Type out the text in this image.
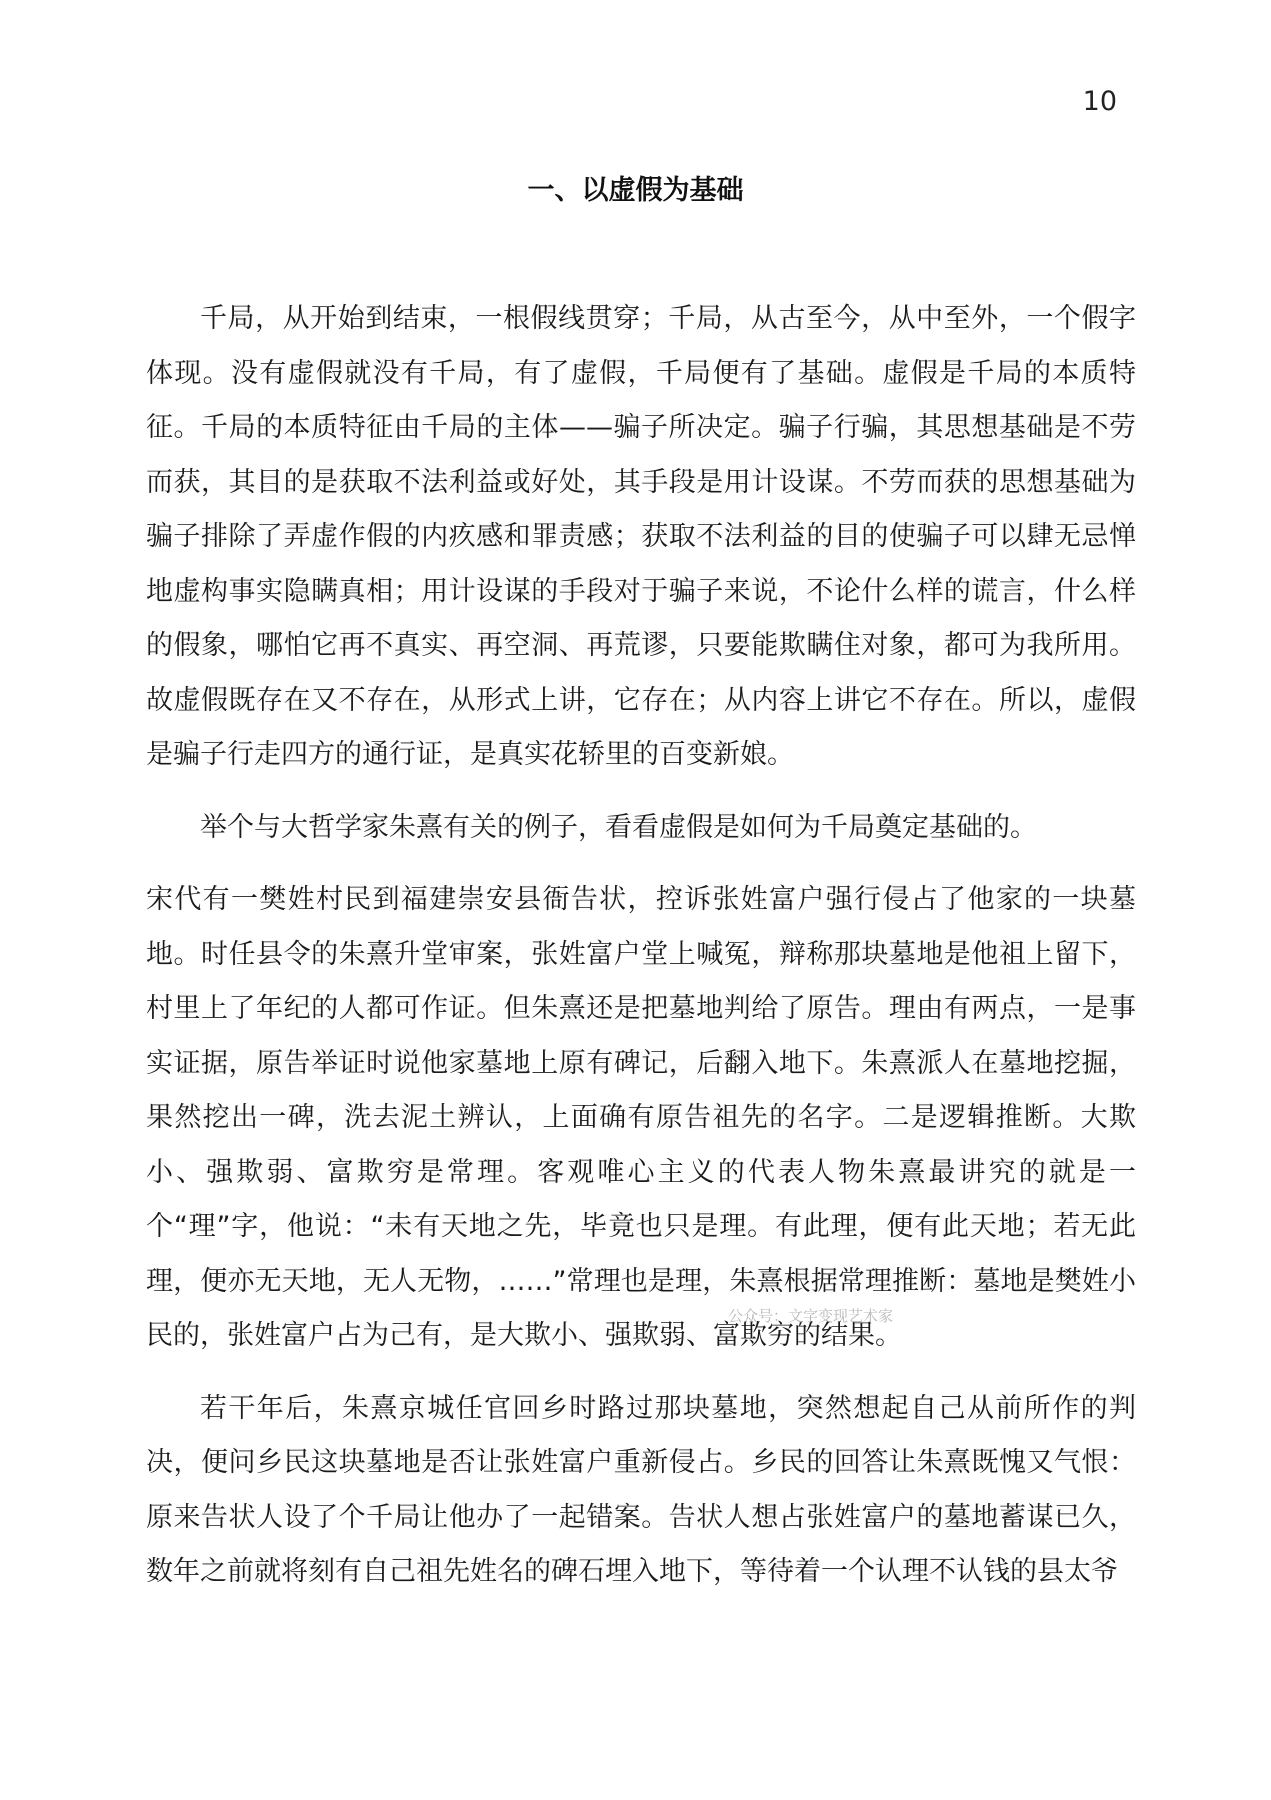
10
一、以虚假为基础

千局，从开始到结束，一根假线贯穿；千局，从古至今，从中至外，一个假字体现。没有虚假就没有千局，有了虚假，千局便有了基础。虚假是千局的本质特征。千局的本质特征由千局的主体——骗子所决定。骗子行骗，其思想基础是不劳而获，其目的是获取不法利益或好处，其手段是用计设谋。不劳而获的思想基础为骗子排除了弄虚作假的内疚感和罪责感；获取不法利益的目的使骗子可以肆无忌惮地虚构事实隐瞒真相；用计设谋的手段对于骗子来说，不论什么样的谎言，什么样的假象，哪怕它再不真实、再空洞、再荒谬，只要能欺瞒住对象，都可为我所用。故虚假既存在又不存在，从形式上讲，它存在；从内容上讲它不存在。所以，虚假是骗子行走四方的通行证，是真实花轿里的百变新娘。

举个与大哲学家朱熹有关的例子，看看虚假是如何为千局奠定基础的。

宋代有一樊姓村民到福建崇安县衙告状，控诉张姓富户强行侵占了他家的一块墓地。时任县令的朱熹升堂审案，张姓富户堂上喊冤，辩称那块墓地是他祖上留下，村里上了年纪的人都可作证。但朱熹还是把墓地判给了原告。理由有两点，一是事实证据，原告举证时说他家墓地上原有碑记，后翻入地下。朱熹派人在墓地挖掘，果然挖出一碑，洗去泥土辨认，上面确有原告祖先的名字。二是逻辑推断。大欺小、强欺弱、富欺穷是常理。客观唯心主义的代表人物朱熹最讲究的就是一个“理”字，他说：“未有天地之先，毕竟也只是理。有此理，便有此天地；若无此理，便亦无天地，无人无物，……”常理也是理，朱熹根据常理推断：墓地是樊姓小民的，张姓富户占为己有，是大欺小、强欺弱、富欺穷的结果。

若干年后，朱熹京城任官回乡时路过那块墓地，突然想起自己从前所作的判决，便问乡民这块墓地是否让张姓富户重新侵占。乡民的回答让朱熹既愧又气恨：原来告状人设了个千局让他办了一起错案。告状人想占张姓富户的墓地蓄谋已久，数年之前就将刻有自己祖先姓名的碑石埋入地下，等待着一个认理不认钱的县太爷

公众号：文字变现艺术家
